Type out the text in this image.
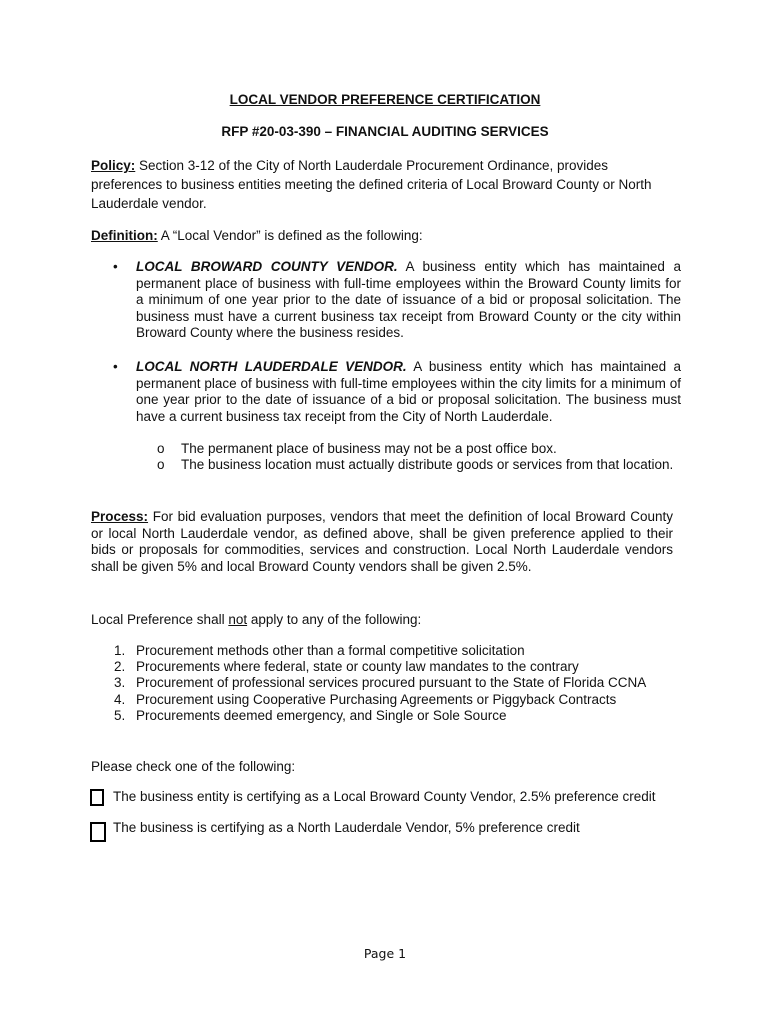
LOCAL VENDOR PREFERENCE CERTIFICATION
RFP #20-03-390 – FINANCIAL AUDITING SERVICES
Policy: Section 3-12 of the City of North Lauderdale Procurement Ordinance, provides preferences to business entities meeting the defined criteria of Local Broward County or North Lauderdale vendor.
Definition: A “Local Vendor” is defined as the following:
• LOCAL BROWARD COUNTY VENDOR. A business entity which has maintained a permanent place of business with full-time employees within the Broward County limits for a minimum of one year prior to the date of issuance of a bid or proposal solicitation. The business must have a current business tax receipt from Broward County or the city within Broward County where the business resides.
• LOCAL NORTH LAUDERDALE VENDOR. A business entity which has maintained a permanent place of business with full-time employees within the city limits for a minimum of one year prior to the date of issuance of a bid or proposal solicitation. The business must have a current business tax receipt from the City of North Lauderdale.
o The permanent place of business may not be a post office box.
o The business location must actually distribute goods or services from that location.
Process: For bid evaluation purposes, vendors that meet the definition of local Broward County or local North Lauderdale vendor, as defined above, shall be given preference applied to their bids or proposals for commodities, services and construction. Local North Lauderdale vendors shall be given 5% and local Broward County vendors shall be given 2.5%.
Local Preference shall not apply to any of the following:
1. Procurement methods other than a formal competitive solicitation
2. Procurements where federal, state or county law mandates to the contrary
3. Procurement of professional services procured pursuant to the State of Florida CCNA
4. Procurement using Cooperative Purchasing Agreements or Piggyback Contracts
5. Procurements deemed emergency, and Single or Sole Source
Please check one of the following:
The business entity is certifying as a Local Broward County Vendor, 2.5% preference credit
The business is certifying as a North Lauderdale Vendor, 5% preference credit
Page 1
